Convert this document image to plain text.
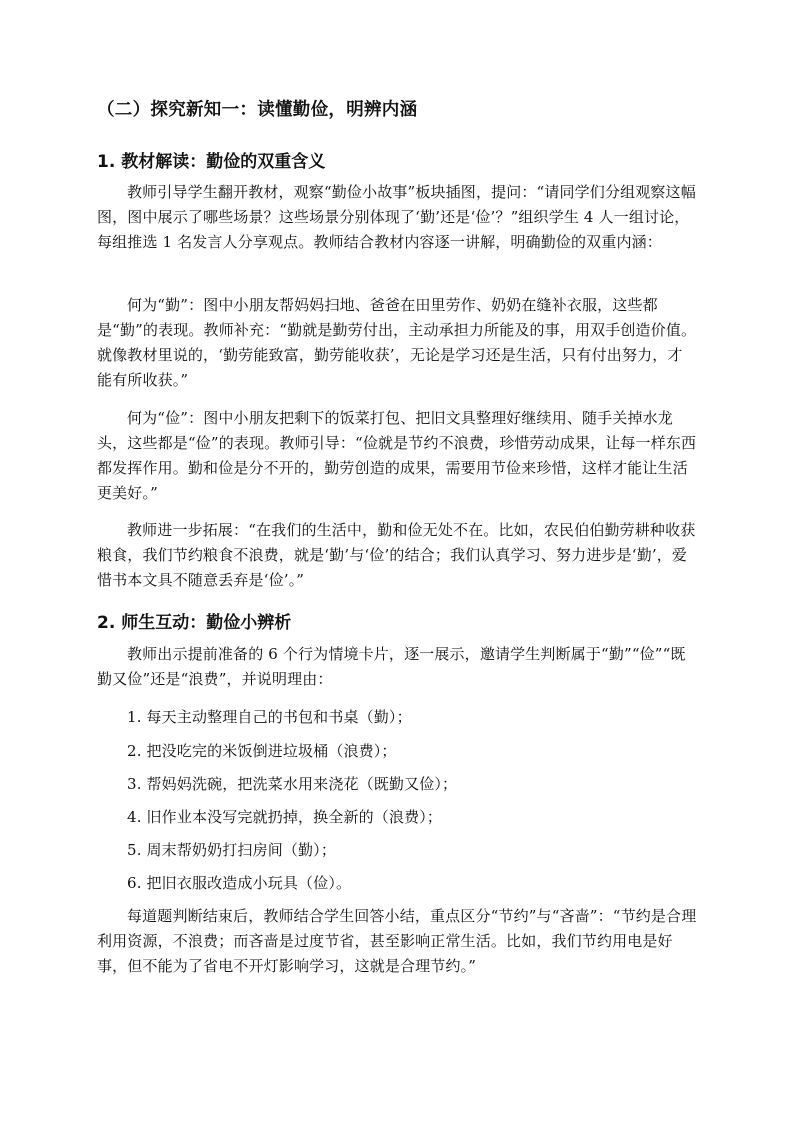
（二）探究新知一：读懂勤俭，明辨内涵
1. 教材解读：勤俭的双重含义
教师引导学生翻开教材，观察“勤俭小故事”板块插图，提问：“请同学们分组观察这幅图，图中展示了哪些场景？这些场景分别体现了‘勤’还是‘俭’？”组织学生 4 人一组讨论，每组推选 1 名发言人分享观点。教师结合教材内容逐一讲解，明确勤俭的双重内涵：
何为“勤”：图中小朋友帮妈妈扫地、爸爸在田里劳作、奶奶在缝补衣服，这些都是“勤”的表现。教师补充：“勤就是勤劳付出，主动承担力所能及的事，用双手创造价值。就像教材里说的，‘勤劳能致富，勤劳能收获’，无论是学习还是生活，只有付出努力，才能有所收获。”
何为“俭”：图中小朋友把剩下的饭菜打包、把旧文具整理好继续用、随手关掉水龙头，这些都是“俭”的表现。教师引导：“俭就是节约不浪费，珍惜劳动成果，让每一样东西都发挥作用。勤和俭是分不开的，勤劳创造的成果，需要用节俭来珍惜，这样才能让生活更美好。”
教师进一步拓展：“在我们的生活中，勤和俭无处不在。比如，农民伯伯勤劳耕种收获粮食，我们节约粮食不浪费，就是‘勤’与‘俭’的结合；我们认真学习、努力进步是‘勤’，爱惜书本文具不随意丢弃是‘俭’。”
2. 师生互动：勤俭小辨析
教师出示提前准备的 6 个行为情境卡片，逐一展示，邀请学生判断属于“勤”“俭”“既勤又俭”还是“浪费”，并说明理由：
1. 每天主动整理自己的书包和书桌（勤）；
2. 把没吃完的米饭倒进垃圾桶（浪费）；
3. 帮妈妈洗碗，把洗菜水用来浇花（既勤又俭）；
4. 旧作业本没写完就扔掉，换全新的（浪费）；
5. 周末帮奶奶打扫房间（勤）；
6. 把旧衣服改造成小玩具（俭）。
每道题判断结束后，教师结合学生回答小结，重点区分“节约”与“吝啬”：“节约是合理利用资源，不浪费；而吝啬是过度节省，甚至影响正常生活。比如，我们节约用电是好事，但不能为了省电不开灯影响学习，这就是合理节约。”
